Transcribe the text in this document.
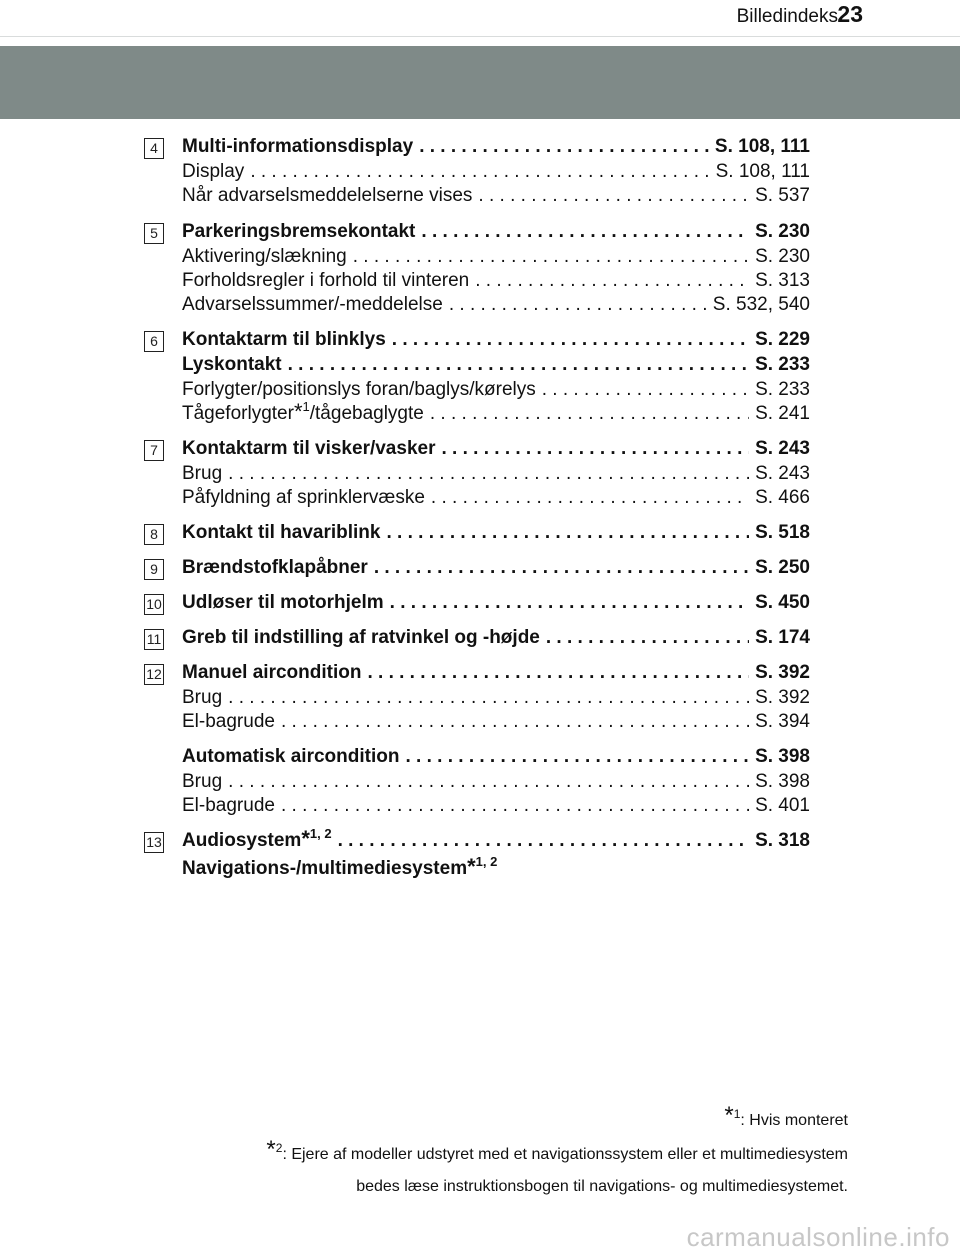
Billedindeks 23
4	Multi-informationsdisplay . . .	S. 108, 111
Display . . .	S. 108, 111
Når advarselsmeddelelserne vises . . .	S. 537
5	Parkeringsbremsekontakt . . .	S. 230
Aktivering/slækning . . .	S. 230
Forholdsregler i forhold til vinteren . . .	S. 313
Advarselssummer/-meddelelse . . .	S. 532, 540
6	Kontaktarm til blinklys . . .	S. 229
Lyskontakt . . .	S. 233
Forlygter/positionslys foran/baglys/kørelys . . .	S. 233
Tågeforlygter*$^1$/tågebaglygte . . .	S. 241
7	Kontaktarm til visker/vasker . . .	S. 243
Brug . . .	S. 243
Påfyldning af sprinklervæske . . .	S. 466
8	Kontakt til havariblink . . .	S. 518
9	Brændstofklapåbner . . .	S. 250
10 Udløser til motorhjelm . . .	S. 450
11 Greb til indstilling af ratvinkel og -højde . . .	S. 174
12 Manuel aircondition . . .	S. 392
Brug . . .	S. 392
El-bagrude . . .	S. 394
Automatisk aircondition . . .	S. 398
Brug . . .	S. 398
El-bagrude . . .	S. 401
13 Audiosystem*$^{1, 2}$ . . .	S. 318
Navigations-/multimediesystem*$^{1, 2}$
*$^1$: Hvis monteret
*$^2$: Ejere af modeller udstyret med et navigationssystem eller et multimediesystem
bedes læse instruktionsbogen til navigations- og multimediesystemet.
carmanualsonline.info
